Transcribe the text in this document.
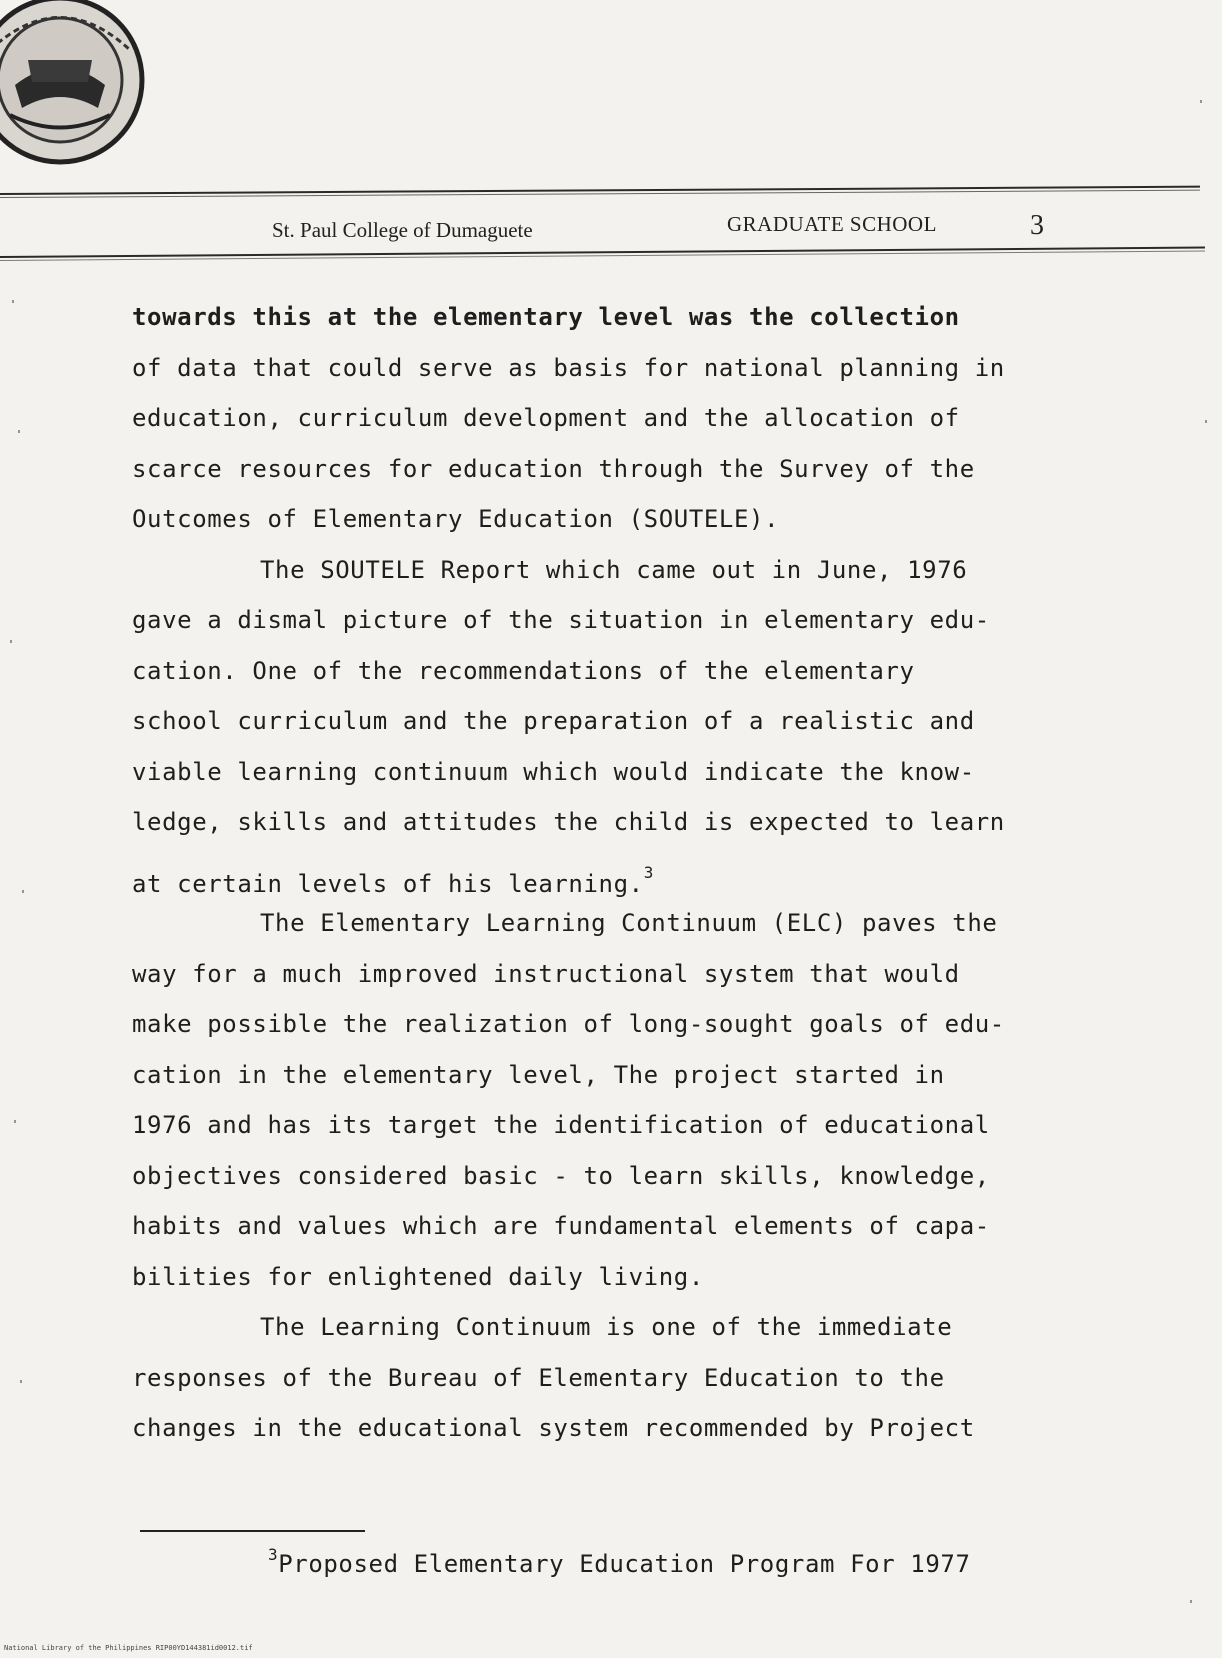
St. Paul College of Dumaguete	GRADUATE SCHOOL	3
towards this at the elementary level was the collection
of data that could serve as basis for national planning in
education, curriculum development and the allocation of
scarce resources for education through the Survey of the
Outcomes of Elementary Education (SOUTELE).
The SOUTELE Report which came out in June, 1976
gave a dismal picture of the situation in elementary edu-
cation. One of the recommendations of the elementary
school curriculum and the preparation of a realistic and
viable learning continuum which would indicate the know-
ledge, skills and attitudes the child is expected to learn
at certain levels of his learning.$^3$
The Elementary Learning Continuum (ELC) paves the
way for a much improved instructional system that would
make possible the realization of long-sought goals of edu-
cation in the elementary level, The project started in
1976 and has its target the identification of educational
objectives considered basic - to learn skills, knowledge,
habits and values which are fundamental elements of capa-
bilities for enlightened daily living.
The Learning Continuum is one of the immediate
responses of the Bureau of Elementary Education to the
changes in the educational system recommended by Project
$^3$Proposed Elementary Education Program For 1977
National Library of the Philippines RIP00YD144381id0012.tif
